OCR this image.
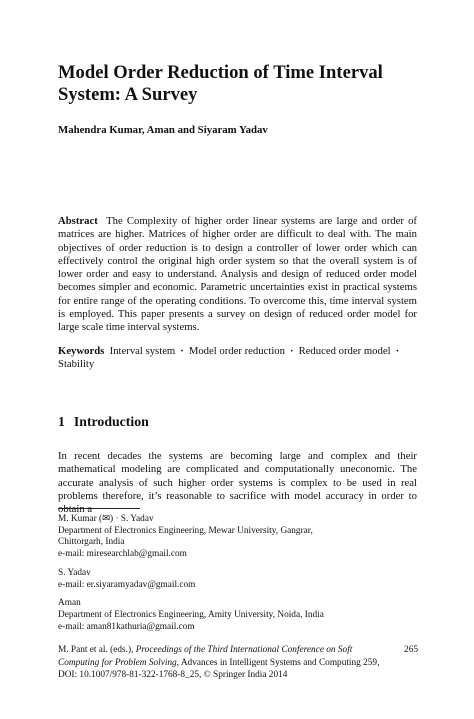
Model Order Reduction of Time Interval System: A Survey

Mahendra Kumar, Aman and Siyaram Yadav

Abstract The Complexity of higher order linear systems are large and order of matrices are higher. Matrices of higher order are difficult to deal with. The main objectives of order reduction is to design a controller of lower order which can effectively control the original high order system so that the overall system is of lower order and easy to understand. Analysis and design of reduced order model becomes simpler and economic. Parametric uncertainties exist in practical systems for entire range of the operating conditions. To overcome this, time interval system is employed. This paper presents a survey on design of reduced order model for large scale time interval systems.

Keywords Interval system · Model order reduction · Reduced order model ·Stability

1 Introduction

In recent decades the systems are becoming large and complex and their mathematical modeling are complicated and computationally uneconomic. The accurate analysis of such higher order systems is complex to be used in real problems therefore, it’s reasonable to sacrifice with model accuracy in order to obtain a

M. Kumar (✉) · S. Yadav
Department of Electronics Engineering, Mewar University, Gangrar,
Chittorgarh, India
e-mail: miresearchlab@gmail.com
S. Yadav
e-mail: er.siyaramyadav@gmail.com
Aman
Department of Electronics Engineering, Amity University, Noida, India
e-mail: aman81kathuria@gmail.com
M. Pant et al. (eds.), Proceedings of the Third International Conference on Soft Computing for Problem Solving, Advances in Intelligent Systems and Computing 259,
DOI: 10.1007/978-81-322-1768-8_25, © Springer India 2014
265
